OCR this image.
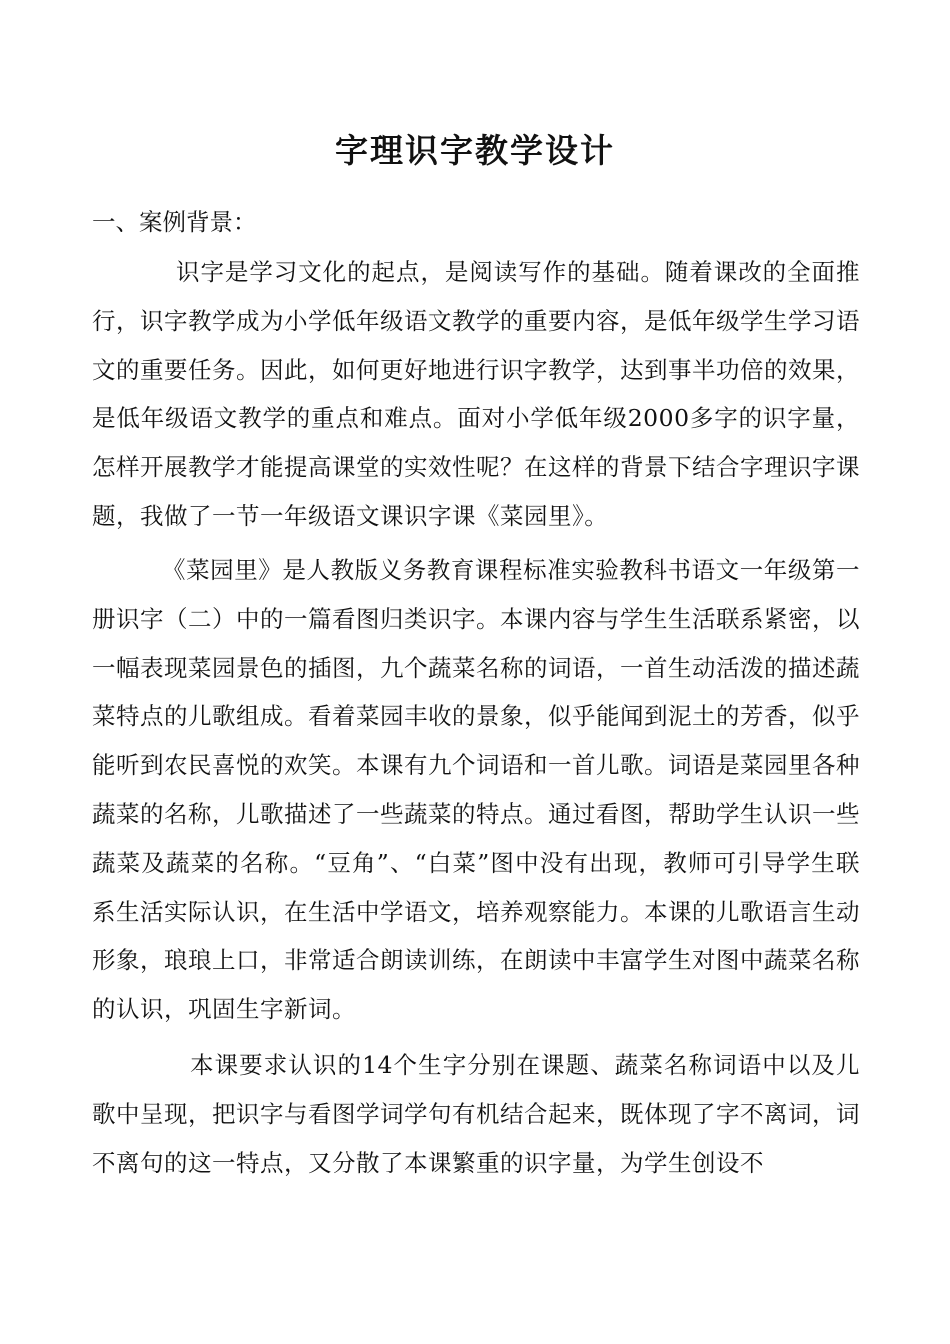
字理识字教学设计

一、案例背景：

识字是学习文化的起点，是阅读写作的基础。随着课改的全面推行，识字教学成为小学低年级语文教学的重要内容，是低年级学生学习语文的重要任务。因此，如何更好地进行识字教学，达到事半功倍的效果，是低年级语文教学的重点和难点。面对小学低年级2000多字的识字量，怎样开展教学才能提高课堂的实效性呢？在这样的背景下结合字理识字课题，我做了一节一年级语文课识字课《菜园里》。

《菜园里》是人教版义务教育课程标准实验教科书语文一年级第一册识字（二）中的一篇看图归类识字。本课内容与学生生活联系紧密，以一幅表现菜园景色的插图，九个蔬菜名称的词语，一首生动活泼的描述蔬菜特点的儿歌组成。看着菜园丰收的景象，似乎能闻到泥土的芳香，似乎能听到农民喜悦的欢笑。本课有九个词语和一首儿歌。词语是菜园里各种蔬菜的名称，儿歌描述了一些蔬菜的特点。通过看图，帮助学生认识一些蔬菜及蔬菜的名称。“豆角”、“白菜”图中没有出现，教师可引导学生联系生活实际认识，在生活中学语文，培养观察能力。本课的儿歌语言生动形象，琅琅上口，非常适合朗读训练，在朗读中丰富学生对图中蔬菜名称的认识，巩固生字新词。

本课要求认识的14个生字分别在课题、蔬菜名称词语中以及儿歌中呈现，把识字与看图学词学句有机结合起来，既体现了字不离词，词不离句的这一特点，又分散了本课繁重的识字量，为学生创设不
